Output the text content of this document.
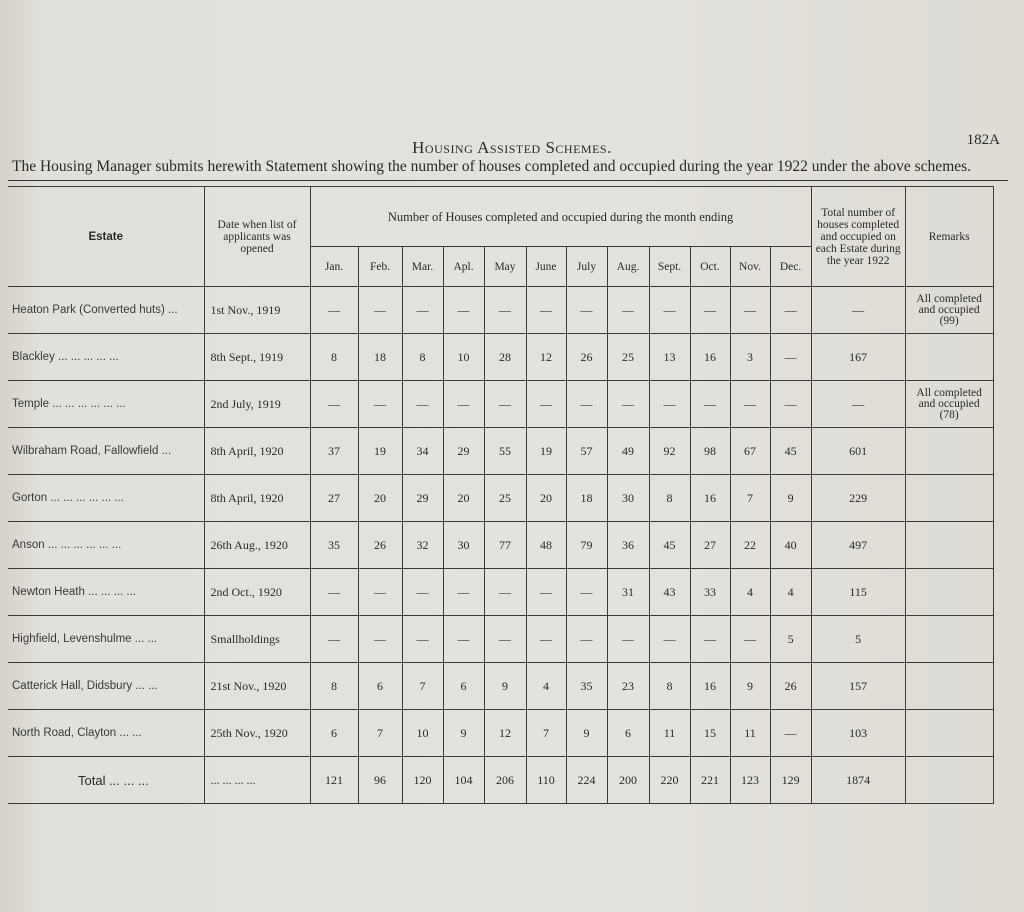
Housing Assisted Schemes.	182A
The Housing Manager submits herewith Statement showing the number of houses completed and occupied during the year 1922 under the above schemes.
Estate	Date when list of applicants was opened	Number of Houses completed and occupied during the month ending												Total number of houses completed and occupied on each Estate during the year 1922	Remarks
		Jan.	Feb.	Mar.	Apl.	May	June	July	Aug.	Sept.	Oct.	Nov.	Dec.		
Heaton Park (Converted huts) ...	1st Nov., 1919	—	—	—	—	—	—	—	—	—	—	—	—	—	All completed and occupied (99)
Blackley ... ... ... ... ...	8th Sept., 1919	8	18	8	10	28	12	26	25	13	16	3	—	167	
Temple ... ... ... ... ... ...	2nd July, 1919	—	—	—	—	—	—	—	—	—	—	—	—	—	All completed and occupied (78)
Wilbraham Road, Fallowfield ...	8th April, 1920	37	19	34	29	55	19	57	49	92	98	67	45	601	
Gorton ... ... ... ... ... ...	8th April, 1920	27	20	29	20	25	20	18	30	8	16	7	9	229	
Anson ... ... ... ... ... ...	26th Aug., 1920	35	26	32	30	77	48	79	36	45	27	22	40	497	
Newton Heath ... ... ... ...	2nd Oct., 1920	—	—	—	—	—	—	—	31	43	33	4	4	115	
Highfield, Levenshulme ... ...	Smallholdings	—	—	—	—	—	—	—	—	—	—	—	5	5	
Catterick Hall, Didsbury ... ...	21st Nov., 1920	8	6	7	6	9	4	35	23	8	16	9	26	157	
North Road, Clayton ... ...	25th Nov., 1920	6	7	10	9	12	7	9	6	11	15	11	—	103	
Total ... ... ...	... ... ... ...	121	96	120	104	206	110	224	200	220	221	123	129	1874	
